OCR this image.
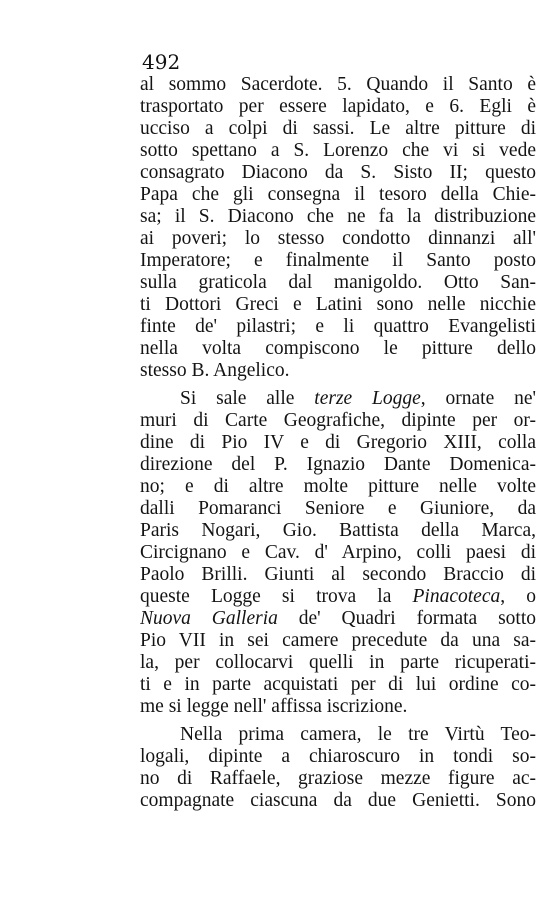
492
al sommo Sacerdote. 5. Quando il Santo è
trasportato per essere lapidato, e 6. Egli è
ucciso a colpi di sassi. Le altre pitture di
sotto spettano a S. Lorenzo che vi si vede
consagrato Diacono da S. Sisto II; questo
Papa che gli consegna il tesoro della Chie-
sa; il S. Diacono che ne fa la distribuzione
ai poveri; lo stesso condotto dinnanzi all'
Imperatore; e finalmente il Santo posto
sulla graticola dal manigoldo. Otto San-
ti Dottori Greci e Latini sono nelle nicchie
finte de' pilastri; e li quattro Evangelisti
nella volta compiscono le pitture dello
stesso B. Angelico.
Si sale alle terze Logge, ornate ne'
muri di Carte Geografiche, dipinte per or-
dine di Pio IV e di Gregorio XIII, colla
direzione del P. Ignazio Dante Domenica-
no; e di altre molte pitture nelle volte
dalli Pomaranci Seniore e Giuniore, da
Paris Nogari, Gio. Battista della Marca,
Circignano e Cav. d' Arpino, colli paesi di
Paolo Brilli. Giunti al secondo Braccio di
queste Logge si trova la Pinacoteca, o
Nuova Galleria de' Quadri formata sotto
Pio VII in sei camere precedute da una sa-
la, per collocarvi quelli in parte ricuperati-
ti e in parte acquistati per di lui ordine co-
me si legge nell' affissa iscrizione.
Nella prima camera, le tre Virtù Teo-
logali, dipinte a chiaroscuro in tondi so-
no di Raffaele, graziose mezze figure ac-
compagnate ciascuna da due Genietti. Sono
